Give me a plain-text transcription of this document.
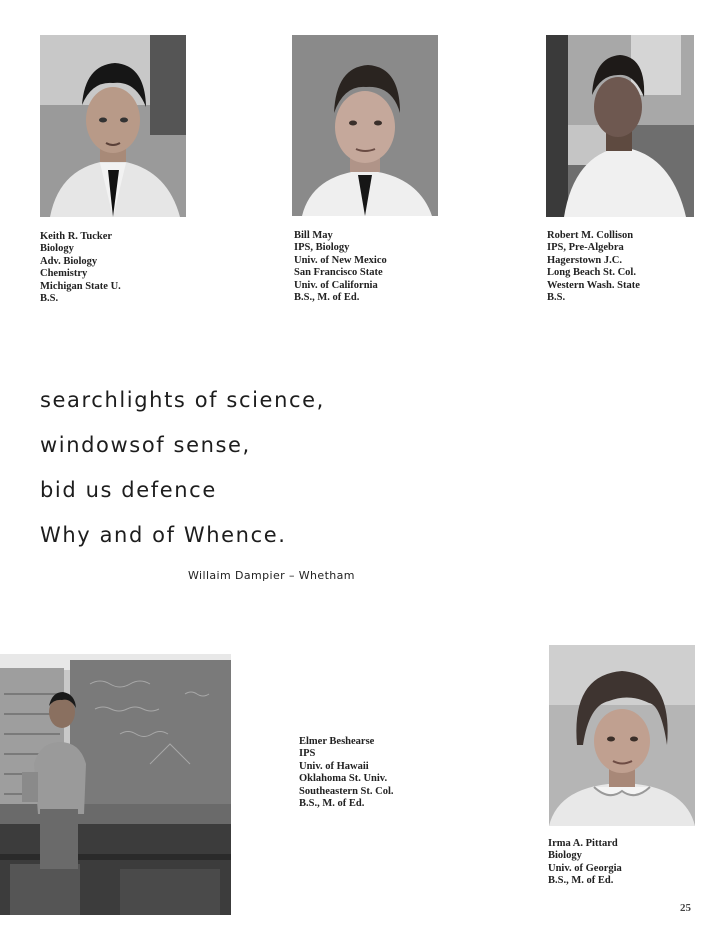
Keith R. Tucker
Biology
Adv. Biology
Chemistry
Michigan State U.
B.S.
Bill May
IPS, Biology
Univ. of New Mexico
San Francisco State
Univ. of California
B.S., M. of Ed.
Robert M. Collison
IPS, Pre-Algebra
Hagerstown J.C.
Long Beach St. Col.
Western Wash. State
B.S.
searchlights of science,
windowsof sense,
bid us defence
Why and of Whence.
Willaim Dampier – Whetham
Elmer Beshearse
IPS
Univ. of Hawaii
Oklahoma St. Univ.
Southeastern St. Col.
B.S., M. of Ed.
Irma A. Pittard
Biology
Univ. of Georgia
B.S., M. of Ed.
25
